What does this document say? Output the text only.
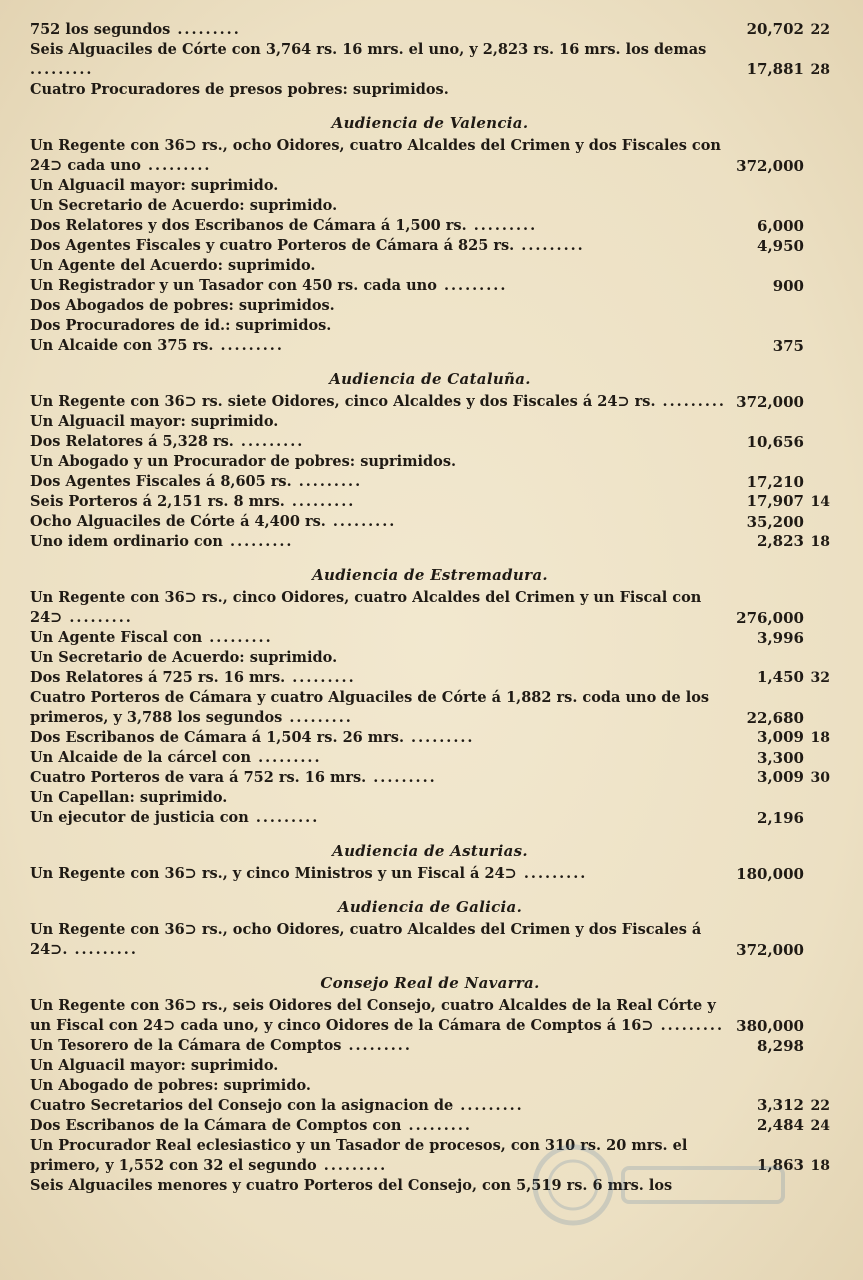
752 los segundos .........	20,702 22
Seis Alguaciles de Córte con 3,764 rs. 16 mrs. el uno, y 2,823 rs. 16 mrs. los demas .........	17,881 28
Cuatro Procuradores de presos pobres: suprimidos.
Audiencia de Valencia.
Un Regente con 36⊃ rs., ocho Oidores, cuatro Alcaldes del Crimen y dos Fiscales con 24⊃ cada uno .........	372,000
Un Alguacil mayor: suprimido.
Un Secretario de Acuerdo: suprimido.
Dos Relatores y dos Escribanos de Cámara á 1,500 rs. .........	6,000
Dos Agentes Fiscales y cuatro Porteros de Cámara á 825 rs. .........	4,950
Un Agente del Acuerdo: suprimido.
Un Registrador y un Tasador con 450 rs. cada uno .........	900
Dos Abogados de pobres: suprimidos.
Dos Procuradores de id.: suprimidos.
Un Alcaide con 375 rs. .........	375
Audiencia de Cataluña.
Un Regente con 36⊃ rs. siete Oidores, cinco Alcaldes y dos Fiscales á 24⊃ rs. ......... 372,000
Un Alguacil mayor: suprimido.
Dos Relatores á 5,328 rs. .........	10,656
Un Abogado y un Procurador de pobres: suprimidos.
Dos Agentes Fiscales á 8,605 rs. .........	17,210
Seis Porteros á 2,151 rs. 8 mrs. .........	17,907 14
Ocho Alguaciles de Córte á 4,400 rs. .........	35,200
Uno idem ordinario con .........	2,823 18
Audiencia de Estremadura.
Un Regente con 36⊃ rs., cinco Oidores, cuatro Alcaldes del Crimen y un Fiscal con 24⊃ .........	276,000
Un Agente Fiscal con .........	3,996
Un Secretario de Acuerdo: suprimido.
Dos Relatores á 725 rs. 16 mrs. .........	1,450 32
Cuatro Porteros de Cámara y cuatro Alguaciles de Córte á 1,882 rs. coda uno de los primeros, y 3,788 los segundos .........	22,680
Dos Escribanos de Cámara á 1,504 rs. 26 mrs. .........	3,009 18
Un Alcaide de la cárcel con .........	3,300
Cuatro Porteros de vara á 752 rs. 16 mrs. .........	3,009 30
Un Capellan: suprimido.
Un ejecutor de justicia con .........	2,196
Audiencia de Asturias.
Un Regente con 36⊃ rs., y cinco Ministros y un Fiscal á 24⊃ .........	180,000
Audiencia de Galicia.
Un Regente con 36⊃ rs., ocho Oidores, cuatro Alcaldes del Crimen y dos Fiscales á 24⊃. .........	372,000
Consejo Real de Navarra.
Un Regente con 36⊃ rs., seis Oidores del Consejo, cuatro Alcaldes de la Real Córte y un Fiscal con 24⊃ cada uno, y cinco Oidores de la Cámara de Comptos á 16⊃ ......... 380,000
Un Tesorero de la Cámara de Comptos .........	8,298
Un Alguacil mayor: suprimido.
Un Abogado de pobres: suprimido.
Cuatro Secretarios del Consejo con la asignacion de .........	3,312 22
Dos Escribanos de la Cámara de Comptos con .........	2,484 24
Un Procurador Real eclesiastico y un Tasador de procesos, con 310 rs. 20 mrs. el primero, y 1,552 con 32 el segundo .........	1,863 18
Seis Alguaciles menores y cuatro Porteros del Consejo, con 5,519 rs. 6 mrs. los
